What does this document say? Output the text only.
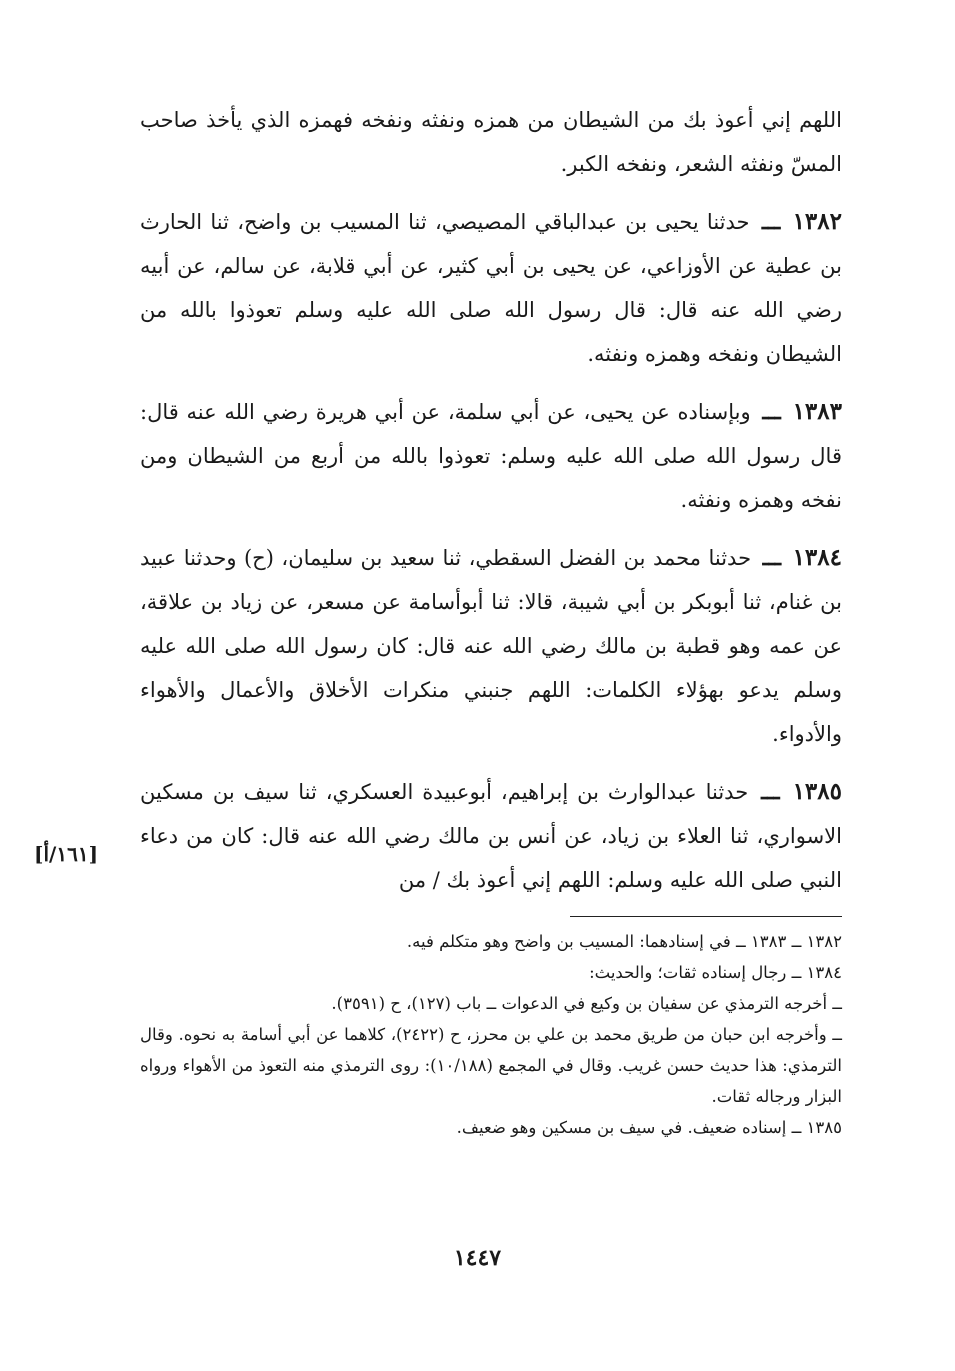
اللهم إني أعوذ بك من الشيطان من همزه ونفثه ونفخه فهمزه الذي يأخذ صاحب المسّ ونفثه الشعر، ونفخه الكبر.

١٣٨٢ ـــ حدثنا يحيى بن عبدالباقي المصيصي، ثنا المسيب بن واضح، ثنا الحارث بن عطية عن الأوزاعي، عن يحيى بن أبي كثير، عن أبي قلابة، عن سالم، عن أبيه رضي الله عنه قال: قال رسول الله صلى الله عليه وسلم تعوذوا بالله من الشيطان ونفخه وهمزه ونفثه.

١٣٨٣ ـــ وبإسناده عن يحيى، عن أبي سلمة، عن أبي هريرة رضي الله عنه قال: قال رسول الله صلى الله عليه وسلم: تعوذوا بالله من أربع من الشيطان ومن نفخه وهمزه ونفثه.

١٣٨٤ ـــ حدثنا محمد بن الفضل السقطي، ثنا سعيد بن سليمان، (ح) وحدثنا عبيد بن غنام، ثنا أبوبكر بن أبي شيبة، قالا: ثنا أبوأسامة عن مسعر، عن زياد بن علاقة، عن عمه وهو قطبة بن مالك رضي الله عنه قال: كان رسول الله صلى الله عليه وسلم يدعو بهؤلاء الكلمات: اللهم جنبني منكرات الأخلاق والأعمال والأهواء والأدواء.

١٣٨٥ ـــ حدثنا عبدالوارث بن إبراهيم، أبوعبيدة العسكري، ثنا سيف بن مسكين الاسواري، ثنا العلاء بن زياد، عن أنس بن مالك رضي الله عنه قال: كان من دعاء النبي صلى الله عليه وسلم: اللهم إني أعوذ بك / من

[١٦١/أ]

١٣٨٢ ــ ١٣٨٣ ــ في إسنادهما: المسيب بن واضح وهو متكلم فيه.

١٣٨٤ ــ رجال إسناده ثقات؛ والحديث:

ــ أخرجه الترمذي عن سفيان بن وكيع في الدعوات ــ باب (١٢٧)، ح (٣٥٩١).

ــ وأخرجه ابن حبان من طريق محمد بن علي بن محرز، ح (٢٤٢٢)، كلاهما عن أبي أسامة به نحوه. وقال الترمذي: هذا حديث حسن غريب. وقال في المجمع (١٠/١٨٨): روى الترمذي منه التعوذ من الأهواء ورواه البزار ورجاله ثقات.

١٣٨٥ ــ إسناده ضعيف. في سيف بن مسكين وهو ضعيف.

١٤٤٧
